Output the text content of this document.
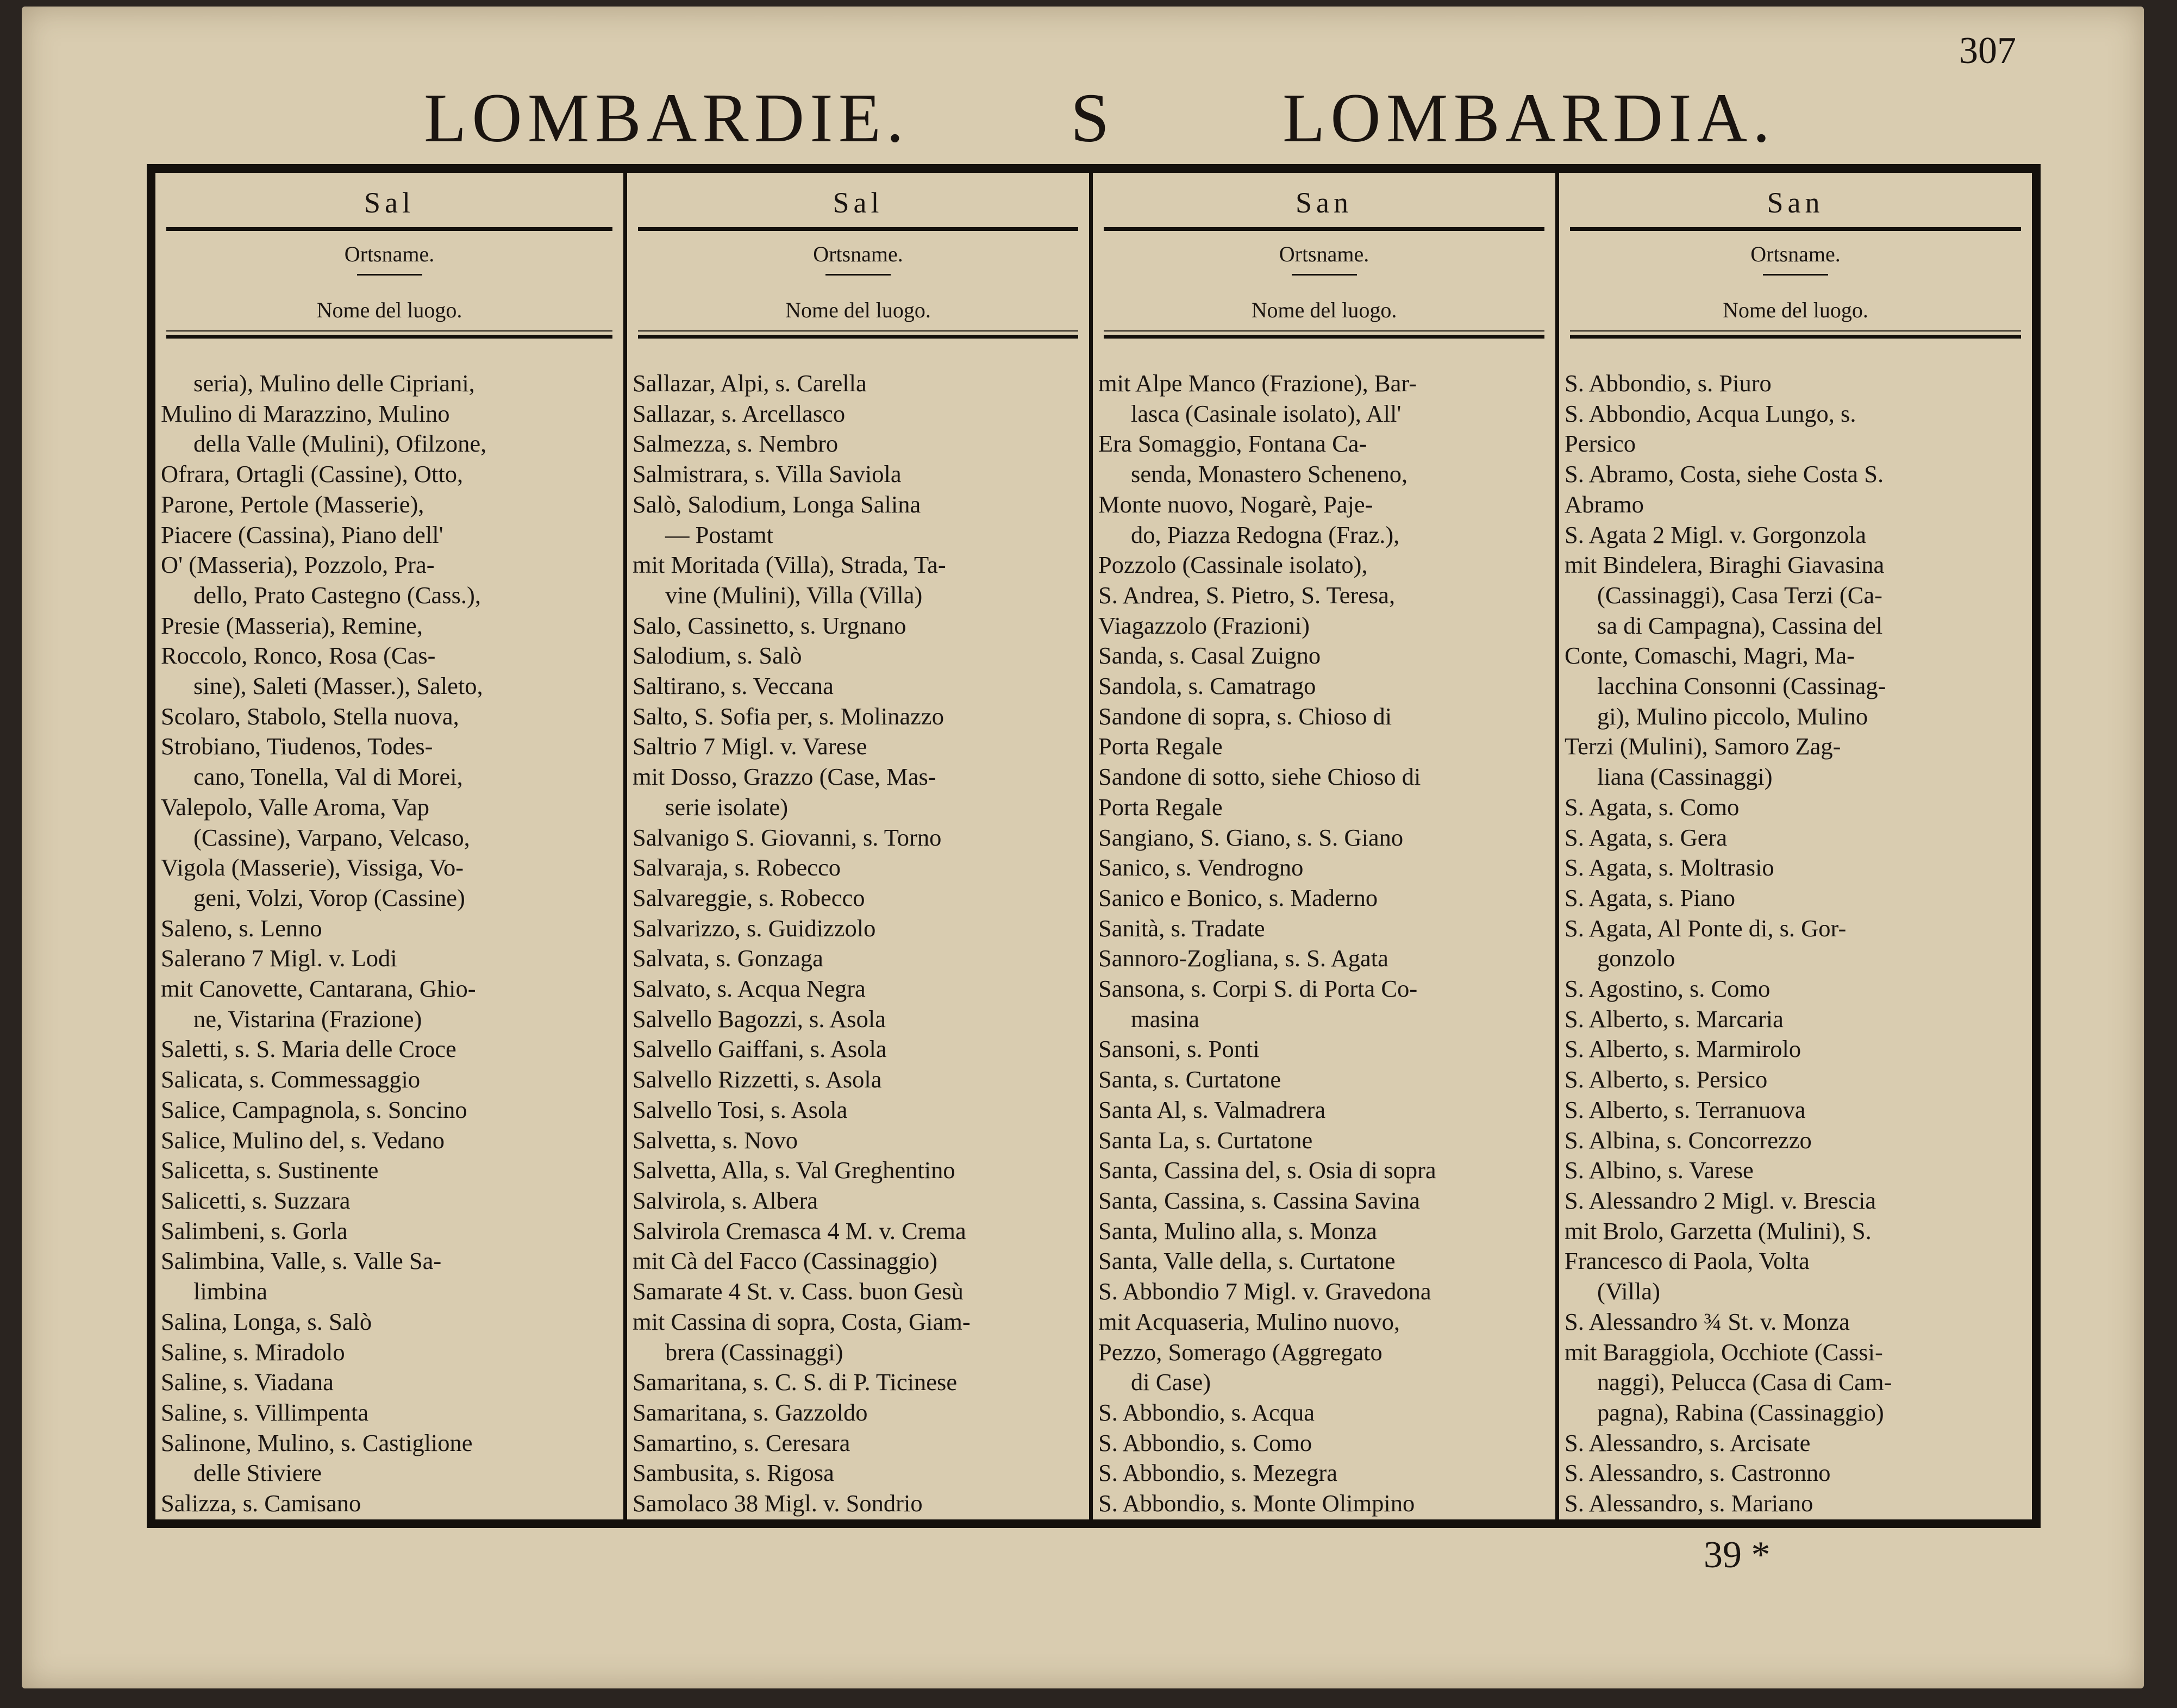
LOMBARDIE. S LOMBARDIA.
307
Sal
Ortsname.
Nome del luogo.
seria), Mulino delle Cipriani,
Mulino di Marazzino, Mulino
della Valle (Mulini), Ofilzone,
Ofrara, Ortagli (Cassine), Otto,
Parone, Pertole (Masserie),
Piacere (Cassina), Piano dell'
O' (Masseria), Pozzolo, Pra-
dello, Prato Castegno (Cass.),
Presie (Masseria), Remine,
Roccolo, Ronco, Rosa (Cas-
sine), Saleti (Masser.), Saleto,
Scolaro, Stabolo, Stella nuova,
Strobiano, Tiudenos, Todes-
cano, Tonella, Val di Morei,
Valepolo, Valle Aroma, Vap
(Cassine), Varpano, Velcaso,
Vigola (Masserie), Vissiga, Vo-
geni, Volzi, Vorop (Cassine)
Saleno, s. Lenno
Salerano 7 Migl. v. Lodi
mit Canovette, Cantarana, Ghio-
ne, Vistarina (Frazione)
Saletti, s. S. Maria delle Croce
Salicata, s. Commessaggio
Salice, Campagnola, s. Soncino
Salice, Mulino del, s. Vedano
Salicetta, s. Sustinente
Salicetti, s. Suzzara
Salimbeni, s. Gorla
Salimbina, Valle, s. Valle Sa-
limbina
Salina, Longa, s. Salò
Saline, s. Miradolo
Saline, s. Viadana
Saline, s. Villimpenta
Salinone, Mulino, s. Castiglione
delle Stiviere
Salizza, s. Camisano
Sal
Ortsname.
Nome del luogo.
Sallazar, Alpi, s. Carella
Sallazar, s. Arcellasco
Salmezza, s. Nembro
Salmistrara, s. Villa Saviola
Salò, Salodium, Longa Salina
— Postamt
mit Moritada (Villa), Strada, Ta-
vine (Mulini), Villa (Villa)
Salo, Cassinetto, s. Urgnano
Salodium, s. Salò
Saltirano, s. Veccana
Salto, S. Sofia per, s. Molinazzo
Saltrio 7 Migl. v. Varese
mit Dosso, Grazzo (Case, Mas-
serie isolate)
Salvanigo S. Giovanni, s. Torno
Salvaraja, s. Robecco
Salvareggie, s. Robecco
Salvarizzo, s. Guidizzolo
Salvata, s. Gonzaga
Salvato, s. Acqua Negra
Salvello Bagozzi, s. Asola
Salvello Gaiffani, s. Asola
Salvello Rizzetti, s. Asola
Salvello Tosi, s. Asola
Salvetta, s. Novo
Salvetta, Alla, s. Val Greghentino
Salvirola, s. Albera
Salvirola Cremasca 4 M. v. Crema
mit Cà del Facco (Cassinaggio)
Samarate 4 St. v. Cass. buon Gesù
mit Cassina di sopra, Costa, Giam-
brera (Cassinaggi)
Samaritana, s. C. S. di P. Ticinese
Samaritana, s. Gazzoldo
Samartino, s. Ceresara
Sambusita, s. Rigosa
Samolaco 38 Migl. v. Sondrio
San
Ortsname.
Nome del luogo.
mit Alpe Manco (Frazione), Bar-
lasca (Casinale isolato), All'
Era Somaggio, Fontana Ca-
senda, Monastero Scheneno,
Monte nuovo, Nogarè, Paje-
do, Piazza Redogna (Fraz.),
Pozzolo (Cassinale isolato),
S. Andrea, S. Pietro, S. Teresa,
Viagazzolo (Frazioni)
Sanda, s. Casal Zuigno
Sandola, s. Camatrago
Sandone di sopra, s. Chioso di
Porta Regale
Sandone di sotto, siehe Chioso di
Porta Regale
Sangiano, S. Giano, s. S. Giano
Sanico, s. Vendrogno
Sanico e Bonico, s. Maderno
Sanità, s. Tradate
Sannoro-Zogliana, s. S. Agata
Sansona, s. Corpi S. di Porta Co-
masina
Sansoni, s. Ponti
Santa, s. Curtatone
Santa Al, s. Valmadrera
Santa La, s. Curtatone
Santa, Cassina del, s. Osia di sopra
Santa, Cassina, s. Cassina Savina
Santa, Mulino alla, s. Monza
Santa, Valle della, s. Curtatone
S. Abbondio 7 Migl. v. Gravedona
mit Acquaseria, Mulino nuovo,
Pezzo, Somerago (Aggregato
di Case)
S. Abbondio, s. Acqua
S. Abbondio, s. Como
S. Abbondio, s. Mezegra
S. Abbondio, s. Monte Olimpino
San
Ortsname.
Nome del luogo.
S. Abbondio, s. Piuro
S. Abbondio, Acqua Lungo, s.
Persico
S. Abramo, Costa, siehe Costa S.
Abramo
S. Agata 2 Migl. v. Gorgonzola
mit Bindelera, Biraghi Giavasina
(Cassinaggi), Casa Terzi (Ca-
sa di Campagna), Cassina del
Conte, Comaschi, Magri, Ma-
lacchina Consonni (Cassinag-
gi), Mulino piccolo, Mulino
Terzi (Mulini), Samoro Zag-
liana (Cassinaggi)
S. Agata, s. Como
S. Agata, s. Gera
S. Agata, s. Moltrasio
S. Agata, s. Piano
S. Agata, Al Ponte di, s. Gor-
gonzolo
S. Agostino, s. Como
S. Alberto, s. Marcaria
S. Alberto, s. Marmirolo
S. Alberto, s. Persico
S. Alberto, s. Terranuova
S. Albina, s. Concorrezzo
S. Albino, s. Varese
S. Alessandro 2 Migl. v. Brescia
mit Brolo, Garzetta (Mulini), S.
Francesco di Paola, Volta
(Villa)
S. Alessandro ¾ St. v. Monza
mit Baraggiola, Occhiote (Cassi-
naggi), Pelucca (Casa di Cam-
pagna), Rabina (Cassinaggio)
S. Alessandro, s. Arcisate
S. Alessandro, s. Castronno
S. Alessandro, s. Mariano
39 *
